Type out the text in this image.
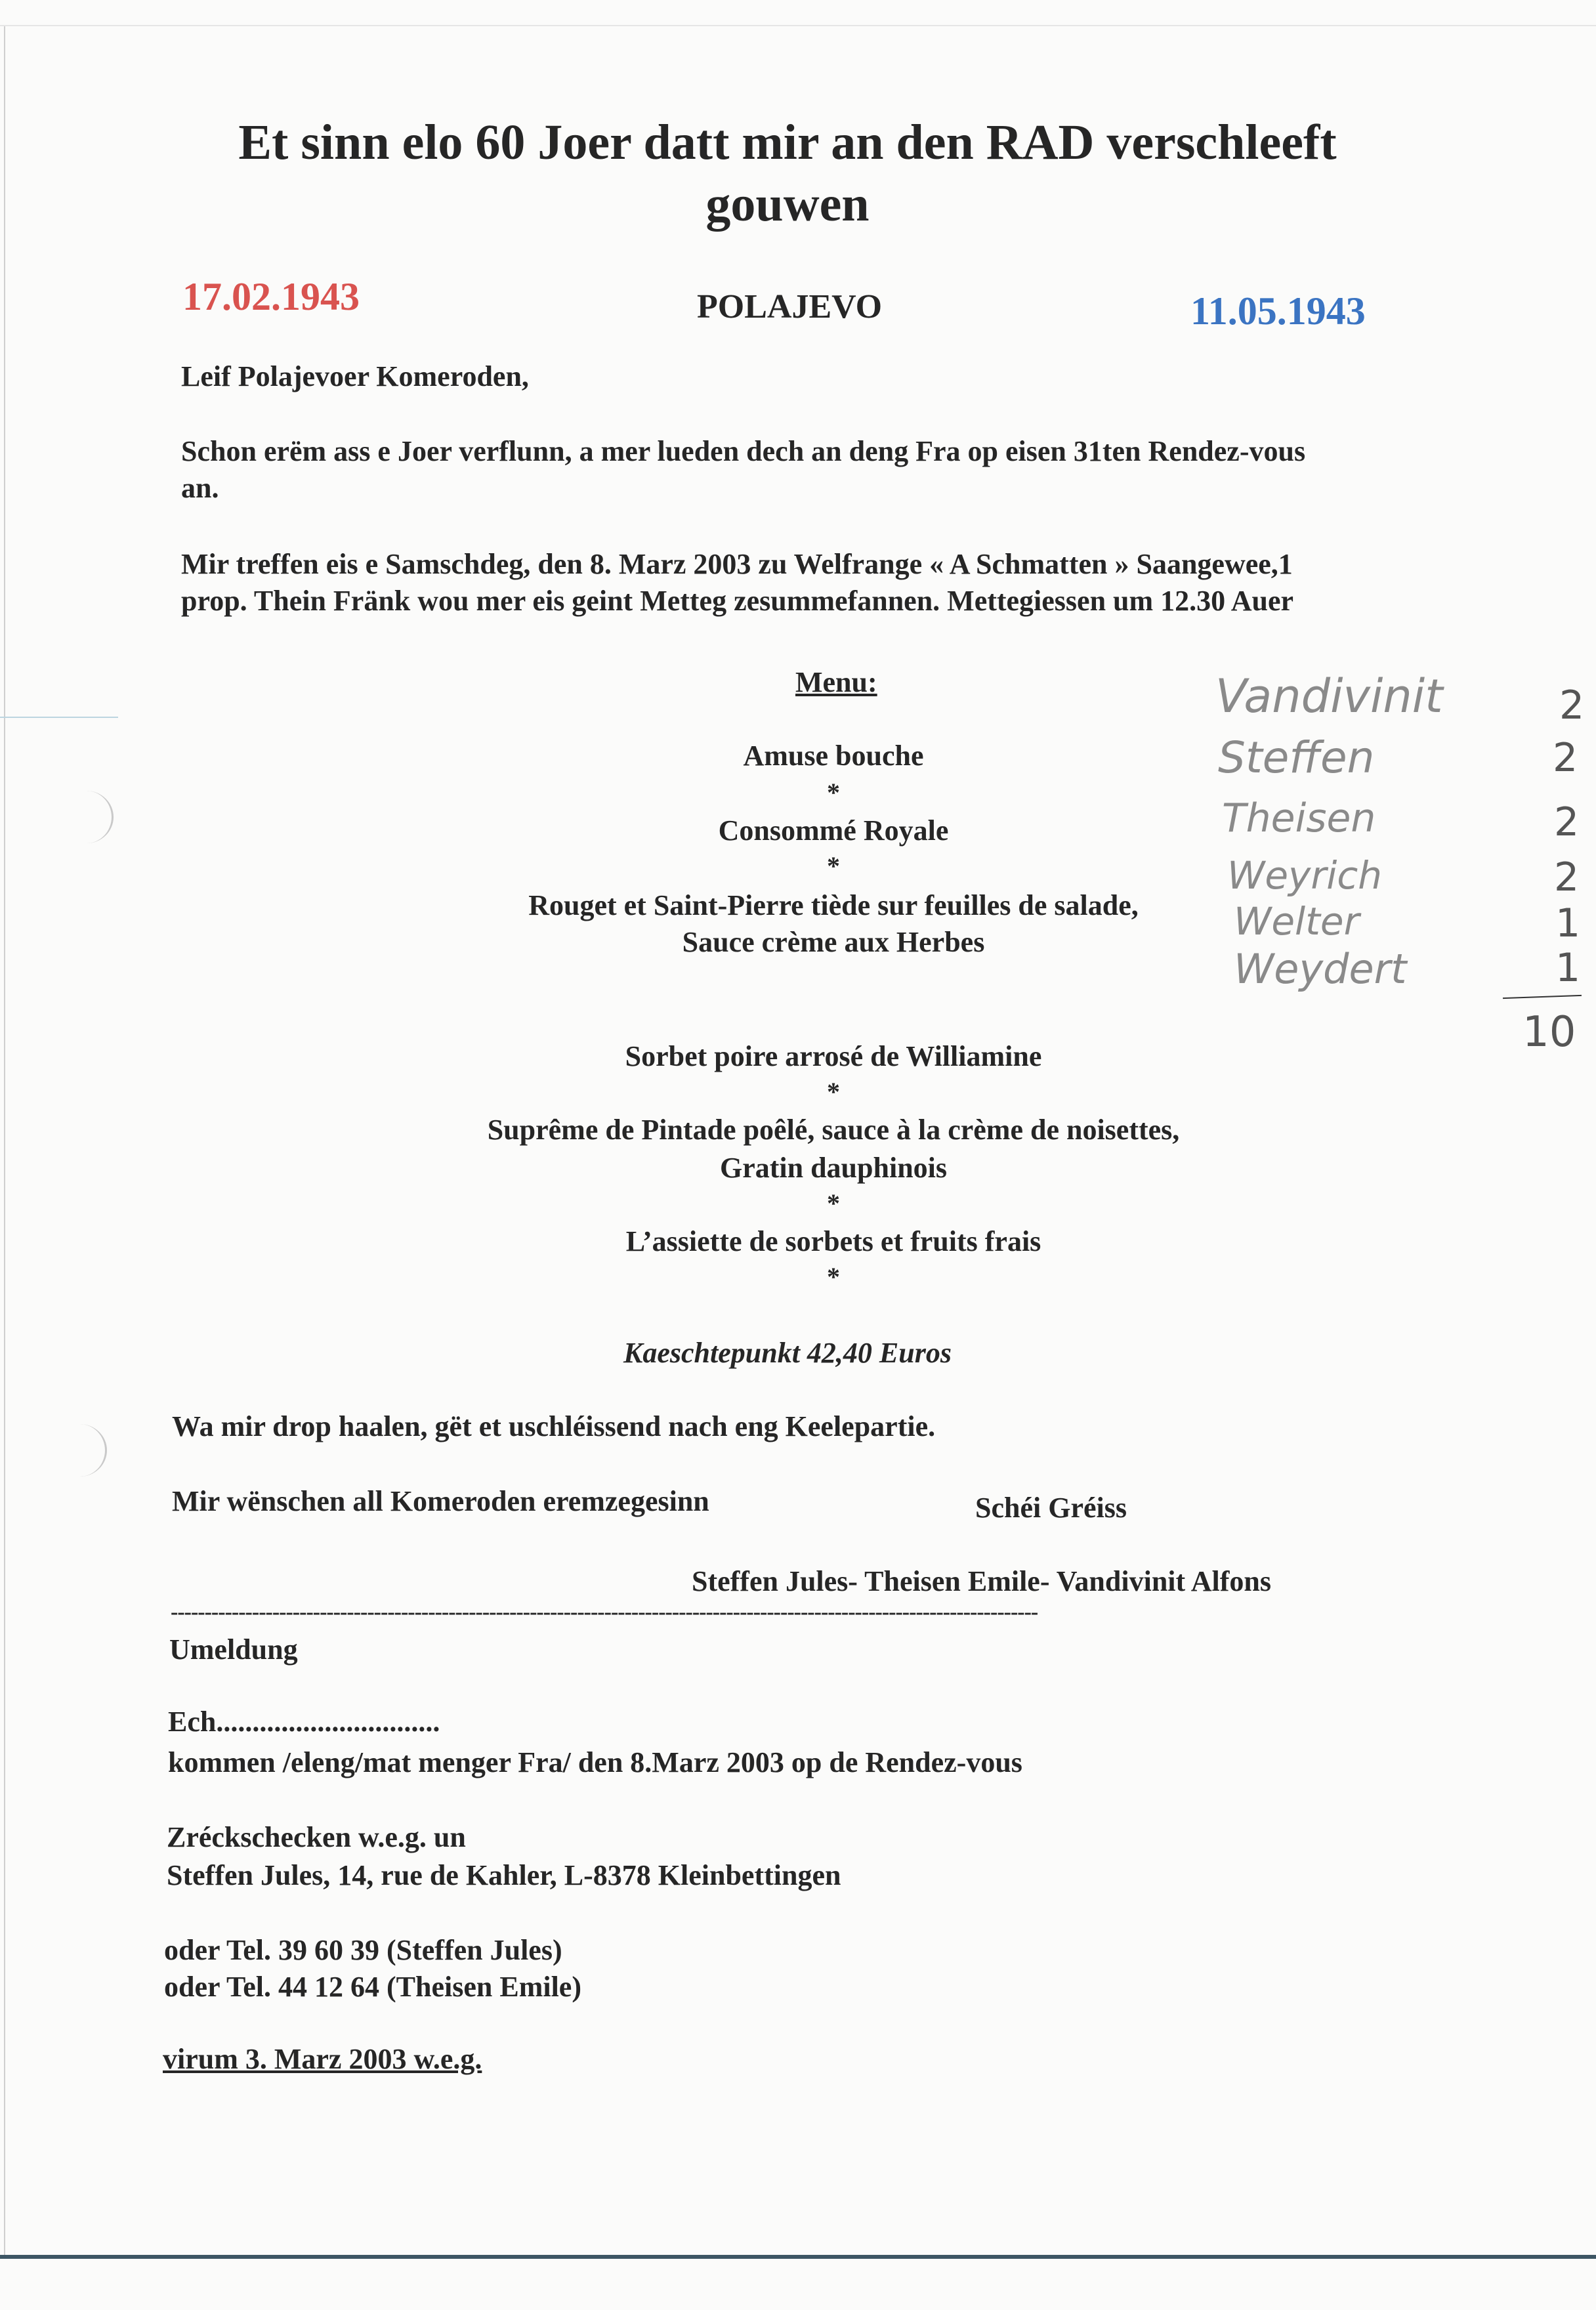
Et sinn elo 60 Joer datt mir an den RAD verschleeft gouwen
17.02.1943	POLAJEVO	11.05.1943
Leif Polajevoer Komeroden,
Schon erëm ass e Joer verflunn, a mer lueden dech an deng Fra op eisen 31ten Rendez-vous
an.
Mir treffen eis e Samschdeg, den 8. Marz 2003 zu Welfrange « A Schmatten » Saangewee,1
prop. Thein Fränk wou mer eis geint Metteg zesummefannen. Mettegiessen um 12.30 Auer
Menu:
Amuse bouche
*
Consommé Royale
*
Rouget et Saint-Pierre tiède sur feuilles de salade,
Sauce crème aux Herbes
Sorbet poire arrosé de Williamine
*
Suprême de Pintade poêlé, sauce à la crème de noisettes,
Gratin dauphinois
*
L’assiette de sorbets et fruits frais
*
Kaeschtepunkt 42,40 Euros
Wa mir drop haalen, gët et uschléissend nach eng Keelepartie.
Mir wënschen all Komeroden eremzegesinn	Schéi Gréiss
Steffen Jules- Theisen Emile- Vandivinit Alfons
--------------------------------------------------------------------------------------------------------------------------------
Umeldung
Ech...............................
kommen /eleng/mat menger Fra/ den 8.Marz 2003 op de Rendez-vous
Zréckschecken w.e.g. un
Steffen Jules, 14, rue de Kahler, L-8378 Kleinbettingen
oder Tel. 39 60 39 (Steffen Jules)
oder Tel. 44 12 64 (Theisen Emile)
virum 3. Marz 2003 w.e.g.
Vandivinit	2
Steffen	2
Theisen	2
Weyrich	2
Welter	1
Weydert	1
10
